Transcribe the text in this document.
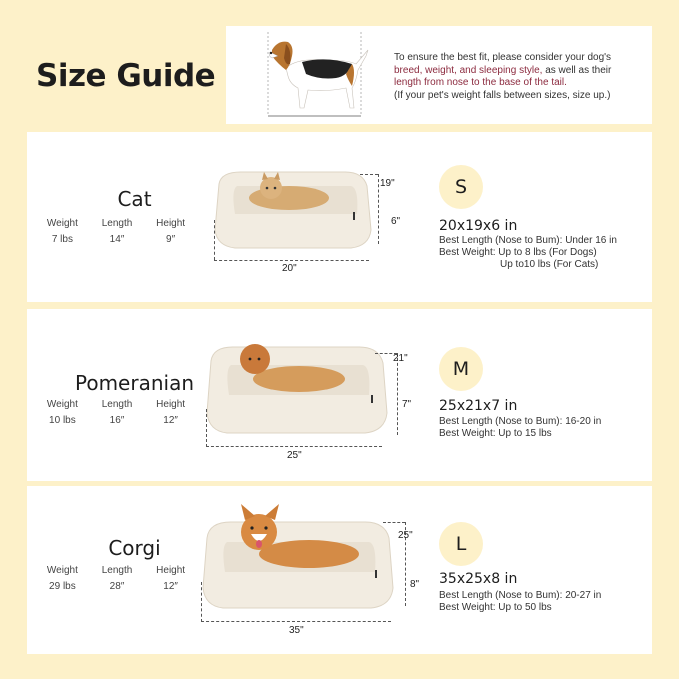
Size Guide
To ensure the best fit, please consider your dog's
breed, weight, and sleeping style, as well as their
length from nose to the base of the tail.
(If your pet's weight falls between sizes, size up.)
Cat
Weight
7 lbs
Length
14″
Height
9″
20"
19"
6"
S
20x19x6 in
Best Length (Nose to Bum): Under 16 in
Best Weight: Up to 8 lbs (For Dogs)
Up to10 lbs (For Cats)
Pomeranian
Weight
10 lbs
Length
16″
Height
12″
25"
21"
7"
M
25x21x7 in
Best Length (Nose to Bum): 16-20 in
Best Weight: Up to 15 lbs
Corgi
Weight
29 lbs
Length
28″
Height
12″
35"
25"
8"
L
35x25x8 in
Best Length (Nose to Bum): 20-27 in
Best Weight: Up to 50 lbs
